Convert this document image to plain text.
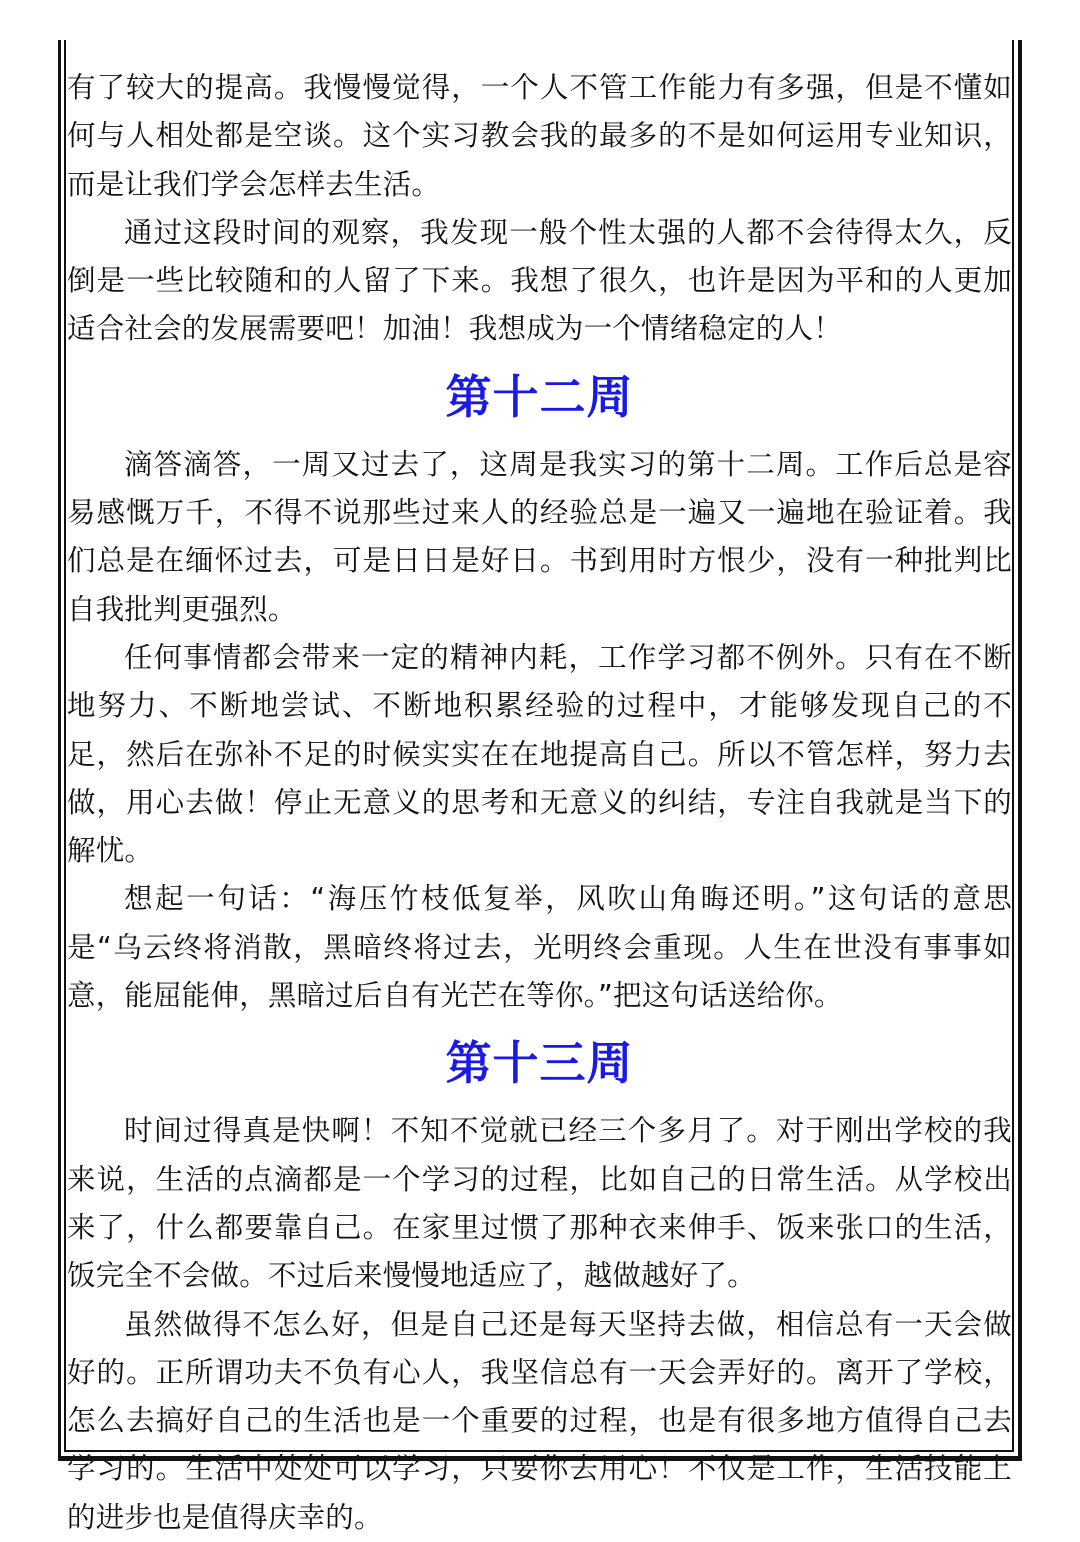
有了较大的提高。我慢慢觉得，一个人不管工作能力有多强，但是不懂如何与人相处都是空谈。这个实习教会我的最多的不是如何运用专业知识，而是让我们学会怎样去生活。

通过这段时间的观察，我发现一般个性太强的人都不会待得太久，反倒是一些比较随和的人留了下来。我想了很久，也许是因为平和的人更加适合社会的发展需要吧！加油！我想成为一个情绪稳定的人！

第十二周

滴答滴答，一周又过去了，这周是我实习的第十二周。工作后总是容易感慨万千，不得不说那些过来人的经验总是一遍又一遍地在验证着。我们总是在缅怀过去，可是日日是好日。书到用时方恨少，没有一种批判比自我批判更强烈。

任何事情都会带来一定的精神内耗，工作学习都不例外。只有在不断地努力、不断地尝试、不断地积累经验的过程中，才能够发现自己的不足，然后在弥补不足的时候实实在在地提高自己。所以不管怎样，努力去做，用心去做！停止无意义的思考和无意义的纠结，专注自我就是当下的解忧。

想起一句话：“海压竹枝低复举，风吹山角晦还明。”这句话的意思是“乌云终将消散，黑暗终将过去，光明终会重现。人生在世没有事事如意，能屈能伸，黑暗过后自有光芒在等你。”把这句话送给你。

第十三周

时间过得真是快啊！不知不觉就已经三个多月了。对于刚出学校的我来说，生活的点滴都是一个学习的过程，比如自己的日常生活。从学校出来了，什么都要靠自己。在家里过惯了那种衣来伸手、饭来张口的生活，饭完全不会做。不过后来慢慢地适应了，越做越好了。

虽然做得不怎么好，但是自己还是每天坚持去做，相信总有一天会做好的。正所谓功夫不负有心人，我坚信总有一天会弄好的。离开了学校，怎么去搞好自己的生活也是一个重要的过程，也是有很多地方值得自己去学习的。生活中处处可以学习，只要你去用心！不仅是工作，生活技能上的进步也是值得庆幸的。
